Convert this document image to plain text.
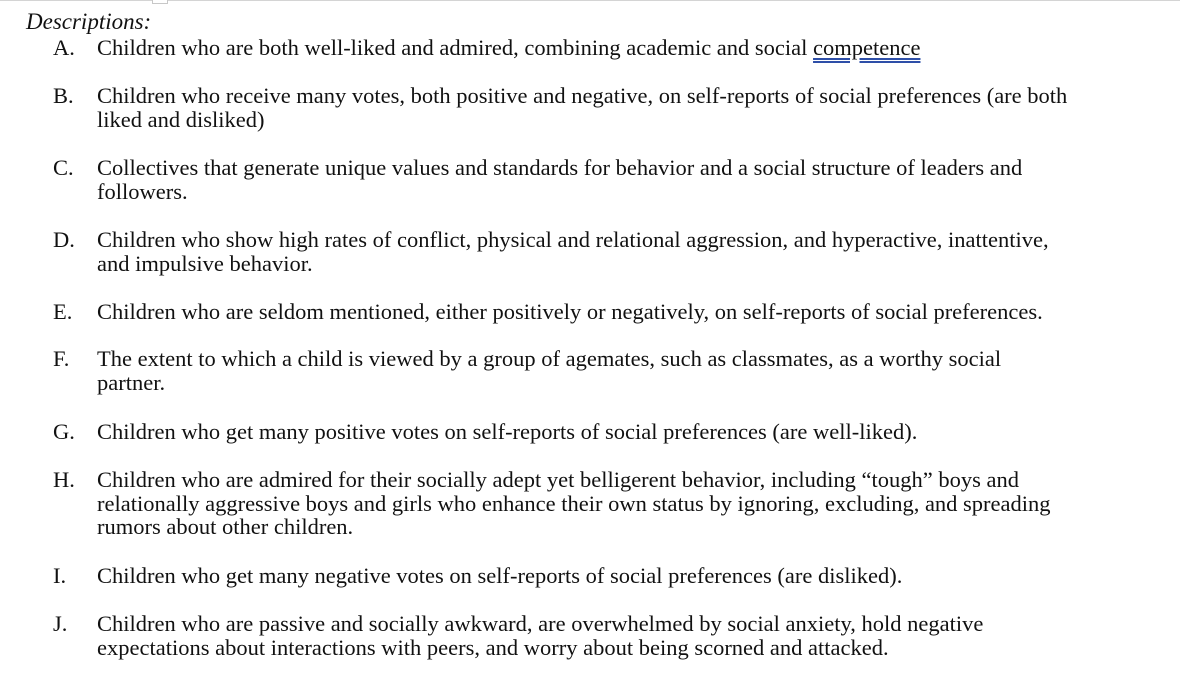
Descriptions:

A. Children who are both well-liked and admired, combining academic and social competence
B. Children who receive many votes, both positive and negative, on self-reports of social preferences (are both
liked and disliked)
C. Collectives that generate unique values and standards for behavior and a social structure of leaders and
followers.
D. Children who show high rates of conflict, physical and relational aggression, and hyperactive, inattentive,
and impulsive behavior.
E. Children who are seldom mentioned, either positively or negatively, on self-reports of social preferences.
F. The extent to which a child is viewed by a group of agemates, such as classmates, as a worthy social
partner.
G. Children who get many positive votes on self-reports of social preferences (are well-liked).
H. Children who are admired for their socially adept yet belligerent behavior, including “tough” boys and
relationally aggressive boys and girls who enhance their own status by ignoring, excluding, and spreading
rumors about other children.
I. Children who get many negative votes on self-reports of social preferences (are disliked).
J. Children who are passive and socially awkward, are overwhelmed by social anxiety, hold negative
expectations about interactions with peers, and worry about being scorned and attacked.
